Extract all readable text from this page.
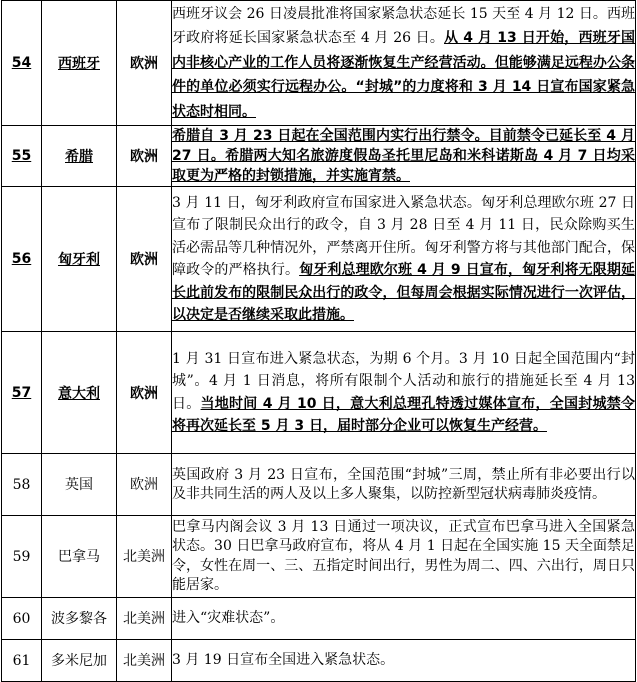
54	西班牙	欧洲	西班牙议会 26 日凌晨批准将国家紧急状态延长 15 天至 4 月 12 日。西班牙政府将延长国家紧急状态至 4 月 26 日。从 4 月 13 日开始，西班牙国内非核心产业的工作人员将逐渐恢复生产经营活动。但能够满足远程办公条件的单位必须实行远程办公。“封城”的力度将和 3 月 14 日宣布国家紧急状态时相同。
55	希腊	欧洲	希腊自 3 月 23 日起在全国范围内实行出行禁令。目前禁令已延长至 4 月 27 日。希腊两大知名旅游度假岛圣托里尼岛和米科诺斯岛 4 月 7 日均采取更为严格的封锁措施，并实施宵禁。
56	匈牙利	欧洲	3 月 11 日，匈牙利政府宣布国家进入紧急状态。匈牙利总理欧尔班 27 日宣布了限制民众出行的政令，自 3 月 28 日至 4 月 11 日，民众除购买生活必需品等几种情况外，严禁离开住所。匈牙利警方将与其他部门配合，保障政令的严格执行。匈牙利总理欧尔班 4 月 9 日宣布，匈牙利将无限期延长此前发布的限制民众出行的政令，但每周会根据实际情况进行一次评估，以决定是否继续采取此措施。
57	意大利	欧洲	1 月 31 日宣布进入紧急状态，为期 6 个月。3 月 10 日起全国范围内“封城”。4 月 1 日消息，将所有限制个人活动和旅行的措施延长至 4 月 13 日。当地时间 4 月 10 日，意大利总理孔特透过媒体宣布，全国封城禁令将再次延长至 5 月 3 日，届时部分企业可以恢复生产经营。
58	英国	欧洲	英国政府 3 月 23 日宣布，全国范围“封城”三周，禁止所有非必要出行以及非共同生活的两人及以上多人聚集，以防控新型冠状病毒肺炎疫情。
59	巴拿马	北美洲	巴拿马内阁会议 3 月 13 日通过一项决议，正式宣布巴拿马进入全国紧急状态。30 日巴拿马政府宣布，将从 4 月 1 日起在全国实施 15 天全面禁足令，女性在周一、三、五指定时间出行，男性为周二、四、六出行，周日只能居家。
60	波多黎各	北美洲	进入“灾难状态”。
61	多米尼加	北美洲	3 月 19 日宣布全国进入紧急状态。
